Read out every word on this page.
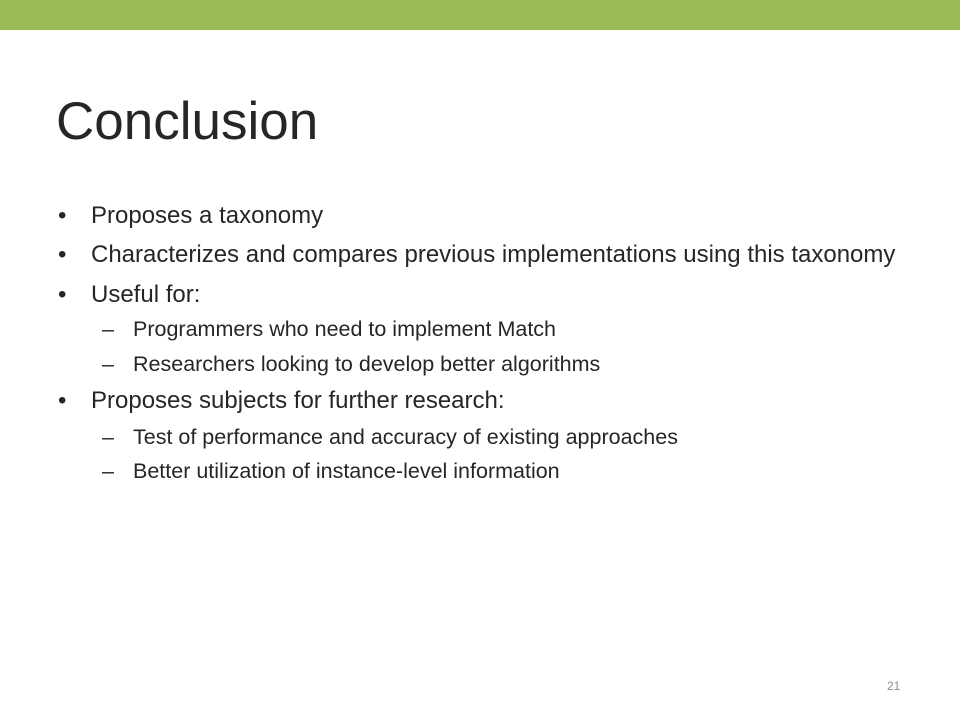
Conclusion
• Proposes a taxonomy
• Characterizes and compares previous implementations using this taxonomy
• Useful for:
– Programmers who need to implement Match
– Researchers looking to develop better algorithms
• Proposes subjects for further research:
– Test of performance and accuracy of existing approaches
– Better utilization of instance-level information
21
